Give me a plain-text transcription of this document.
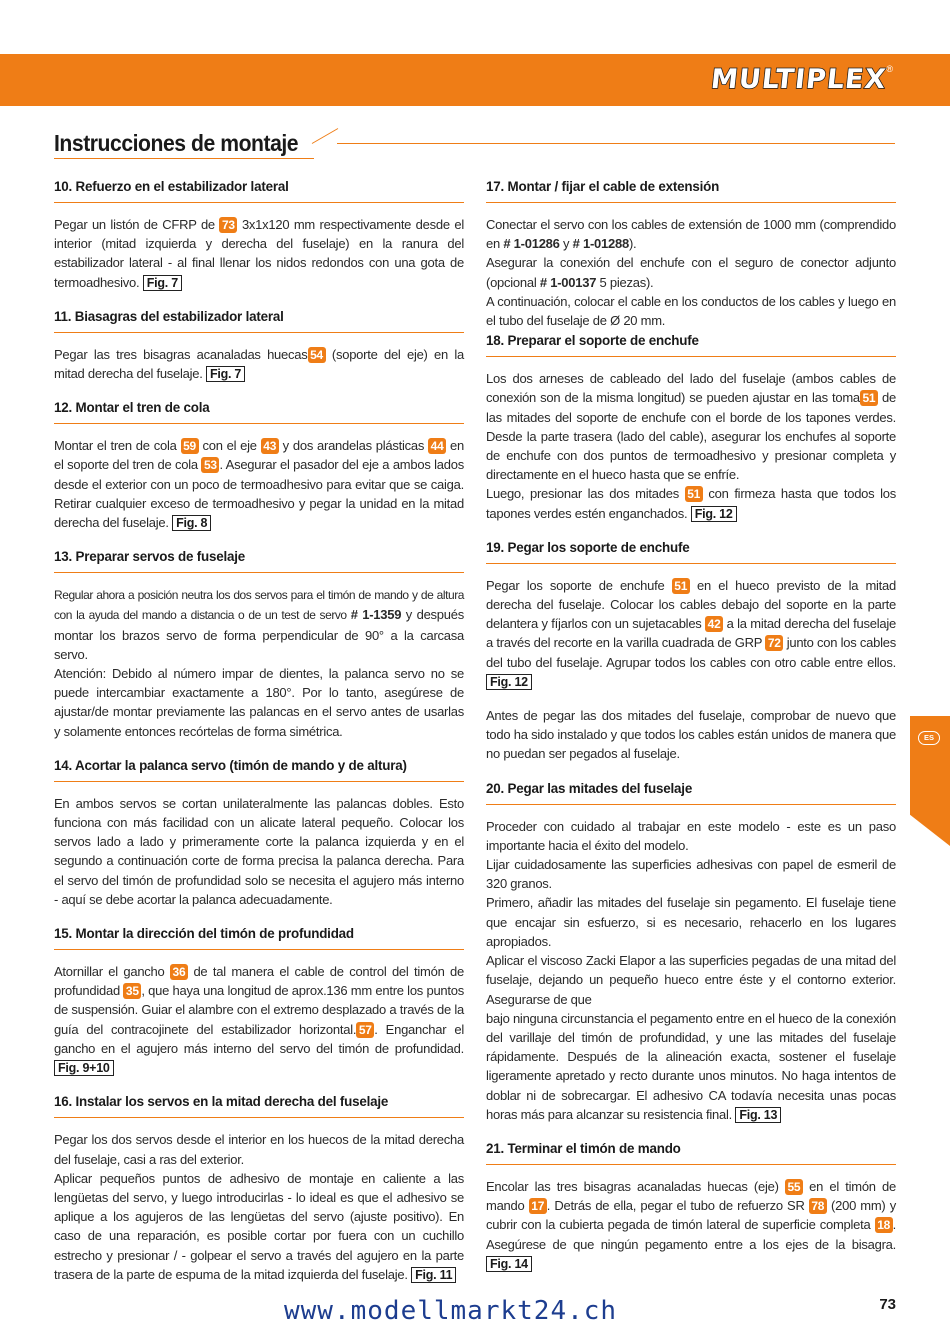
MULTIPLEX
®
Instrucciones de montaje
10. Refuerzo en el estabilizador lateral

Pegar un listón de CFRP de 73 3x1x120 mm respectivamente desde el interior (mitad izquierda y derecha del fuselaje) en la ranura del estabilizador lateral - al final llenar los nidos redondos con una gota de termoadhesivo. Fig. 7

11. Biasagras del estabilizador lateral

Pegar las tres bisagras acanaladas huecas 54 (soporte del eje) en la mitad derecha del fuselaje. Fig. 7

12. Montar el tren de cola

Montar el tren de cola 59 con el eje 43 y dos arandelas plásticas 44 en el soporte del tren de cola 53 . Asegurar el pasador del eje a ambos lados desde el exterior con un poco de termoadhesivo para evitar que se caiga. Retirar cualquier exceso de termoadhesivo y pegar la unidad en la mitad derecha del fuselaje. Fig. 8

13. Preparar servos de fuselaje

Regular ahora a posición neutra los dos servos para el timón de mando y de altura con la ayuda del mando a distancia o de un test de servo # 1-1359 y después montar los brazos servo de forma perpendicular de 90° a la carcasa servo.

Atención: Debido al número impar de dientes, la palanca servo no se puede intercambiar exactamente a 180°. Por lo tanto, asegúrese de ajustar/de montar previamente las palancas en el servo antes de usarlas y solamente entonces recórtelas de forma simétrica.

14. Acortar la palanca servo (timón de mando y de altura)

En ambos servos se cortan unilateralmente las palancas dobles. Esto funciona con más facilidad con un alicate lateral pequeño. Colocar los servos lado a lado y primeramente corte la palanca izquierda y en el segundo a continuación corte de forma precisa la palanca derecha. Para el servo del timón de profundidad solo se necesita el agujero más interno - aquí se debe acortar la palanca adecuadamente.

15. Montar la dirección del timón de profundidad

Atornillar el gancho 36 de tal manera el cable de control del timón de profundidad 35 , que haya una longitud de aprox.136 mm entre los puntos de suspensión. Guiar el alambre con el extremo desplazado a través de la guía del contracojinete del estabilizador horizontal. 57 . Enganchar el gancho en el agujero más interno del servo del timón de profundidad. Fig. 9+10

16. Instalar los servos en la mitad derecha del fuselaje

Pegar los dos servos desde el interior en los huecos de la mitad derecha del fuselaje, casi a ras del exterior.

Aplicar pequeños puntos de adhesivo de montaje en caliente a las lengüetas del servo, y luego introducirlas - lo ideal es que el adhesivo se aplique a los agujeros de las lengüetas del servo (ajuste positivo). En caso de una reparación, es posible cortar por fuera con un cuchillo estrecho y presionar / - golpear el servo a través del agujero en la parte trasera de la parte de espuma de la mitad izquierda del fuselaje. Fig. 11

17. Montar / fijar el cable de extensión

Conectar el servo con los cables de extensión de 1000 mm (comprendido en # 1-01286 y # 1-01288).

Asegurar la conexión del enchufe con el seguro de conector adjunto (opcional # 1-00137 5 piezas).

A continuación, colocar el cable en los conductos de los cables y luego en el tubo del fuselaje de Ø 20 mm.

18. Preparar el soporte de enchufe

Los dos arneses de cableado del lado del fuselaje (ambos cables de conexión son de la misma longitud) se pueden ajustar en las toma 51 de las mitades del soporte de enchufe con el borde de los tapones verdes. Desde la parte trasera (lado del cable), asegurar los enchufes al soporte de enchufe con dos puntos de termoadhesivo y presionar completa y directamente en el hueco hasta que se enfríe.

Luego, presionar las dos mitades 51 con firmeza hasta que todos los tapones verdes estén enganchados. Fig. 12

19. Pegar los soporte de enchufe

Pegar los soporte de enchufe 51 en el hueco previsto de la mitad derecha del fuselaje. Colocar los cables debajo del soporte en la parte delantera y fíjarlos con un sujetacables 42 a la mitad derecha del fuselaje a través del recorte en la varilla cuadrada de GRP 72 junto con los cables del tubo del fuselaje. Agrupar todos los cables con otro cable entre ellos. Fig. 12

Antes de pegar las dos mitades del fuselaje, comprobar de nuevo que todo ha sido instalado y que todos los cables están unidos de manera que no puedan ser pegados al fuselaje.

20. Pegar las mitades del fuselaje

Proceder con cuidado al trabajar en este modelo - este es un paso importante hacia el éxito del modelo.

Lijar cuidadosamente las superficies adhesivas con papel de esmeril de 320 granos.

Primero, añadir las mitades del fuselaje sin pegamento. El fuselaje tiene que encajar sin esfuerzo, si es necesario, rehacerlo en los lugares apropiados.

Aplicar el viscoso Zacki Elapor a las superficies pegadas de una mitad del fuselaje, dejando un pequeño hueco entre éste y el contorno exterior. Asegurarse de que

bajo ninguna circunstancia el pegamento entre en el hueco de la conexión del varillaje del timón de profundidad, y une las mitades del fuselaje rápidamente. Después de la alineación exacta, sostener el fuselaje ligeramente apretado y recto durante unos minutos. No haga intentos de doblar ni de sobrecargar. El adhesivo CA todavía necesita unas pocas horas más para alcanzar su resistencia final. Fig. 13

21. Terminar el timón de mando

Encolar las tres bisagras acanaladas huecas (eje) 55 en el timón de mando 17 . Detrás de ella, pegar el tubo de refuerzo SR 78 (200 mm) y cubrir con la cubierta pegada de timón lateral de superficie completa 18 . Asegúrese de que ningún pegamento entre a los ejes de la bisagra. Fig. 14

ES
www.modellmarkt24.ch	73
